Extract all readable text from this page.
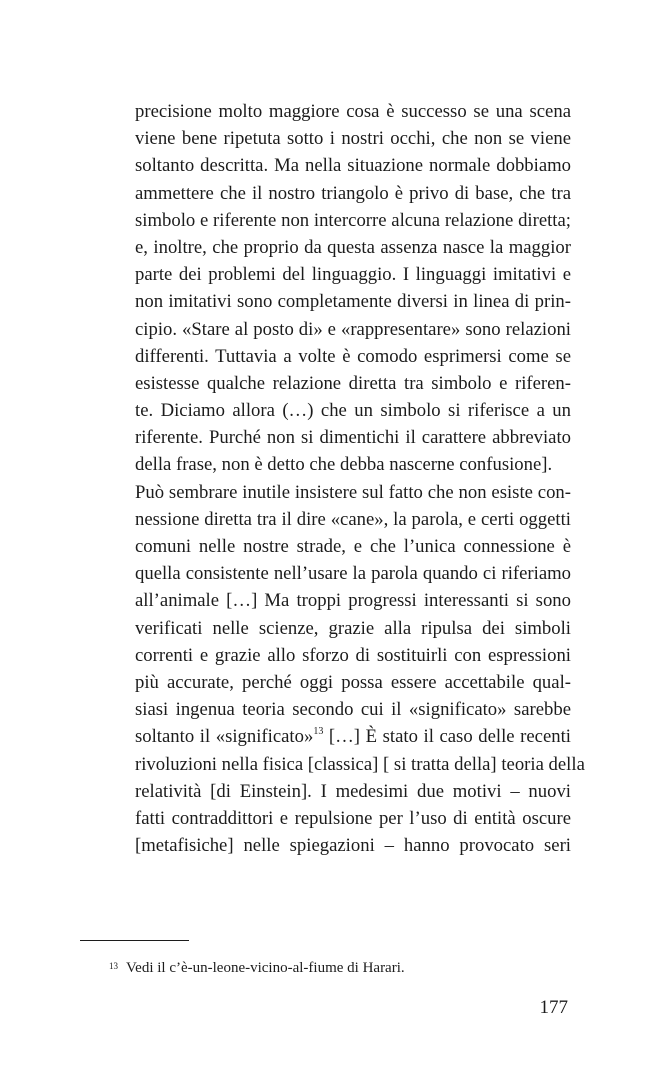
precisione molto maggiore cosa è successo se una scena
viene bene ripetuta sotto i nostri occhi, che non se viene
soltanto descritta. Ma nella situazione normale dobbiamo
ammettere che il nostro triangolo è privo di base, che tra
simbolo e riferente non intercorre alcuna relazione diretta;
e, inoltre, che proprio da questa assenza nasce la maggior
parte dei problemi del linguaggio. I linguaggi imitativi e
non imitativi sono completamente diversi in linea di prin-
cipio. «Stare al posto di» e «rappresentare» sono relazioni
differenti. Tuttavia a volte è comodo esprimersi come se
esistesse qualche relazione diretta tra simbolo e riferen-
te. Diciamo allora (…) che un simbolo si riferisce a un
riferente. Purché non si dimentichi il carattere abbreviato
della frase, non è detto che debba nascerne confusione].
Può sembrare inutile insistere sul fatto che non esiste con-
nessione diretta tra il dire «cane», la parola, e certi oggetti
comuni nelle nostre strade, e che l’unica connessione è
quella consistente nell’usare la parola quando ci riferiamo
all’animale […] Ma troppi progressi interessanti si sono
verificati nelle scienze, grazie alla ripulsa dei simboli
correnti e grazie allo sforzo di sostituirli con espressioni
più accurate, perché oggi possa essere accettabile qual-
siasi ingenua teoria secondo cui il «significato» sarebbe
soltanto il «significato»$^{13}$ […] È stato il caso delle recenti
rivoluzioni nella fisica [classica] [ si tratta della] teoria della
relatività [di Einstein]. I medesimi due motivi – nuovi
fatti contraddittori e repulsione per l’uso di entità oscure
[metafisiche] nelle spiegazioni – hanno provocato seri
$^{13}$ Vedi il c’è-un-leone-vicino-al-fiume di Harari.
177
